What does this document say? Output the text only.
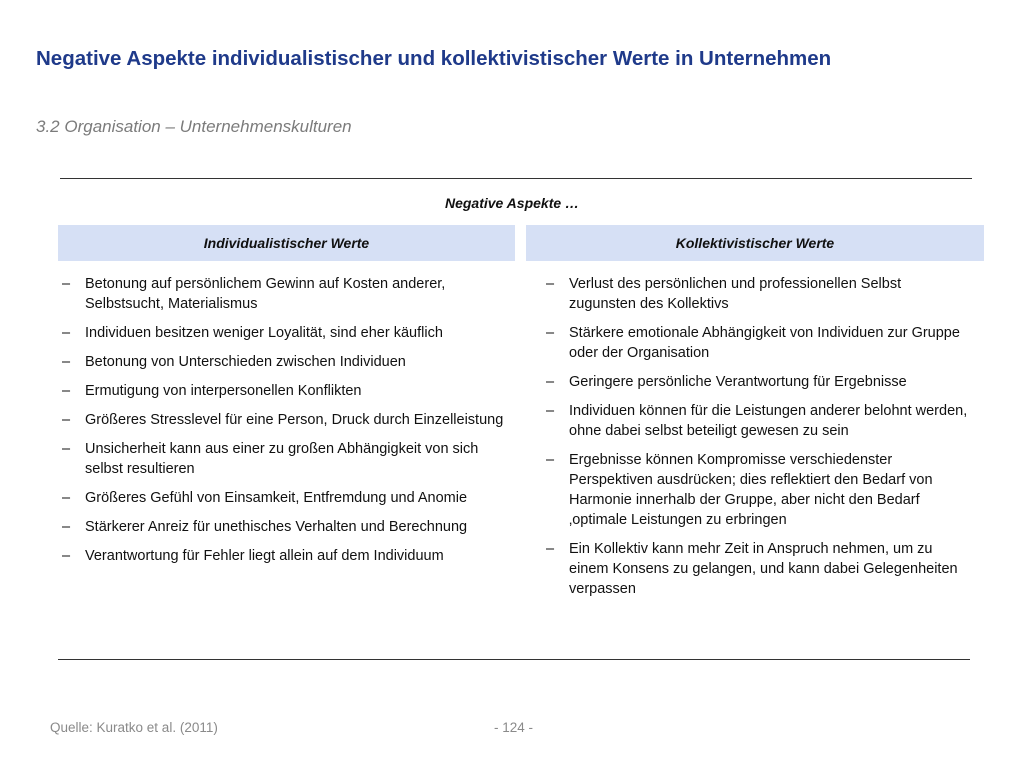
Negative Aspekte individualistischer und kollektivistischer Werte in Unternehmen
3.2 Organisation – Unternehmenskulturen
Negative Aspekte …
Individualistischer Werte	Kollektivistischer Werte
– Betonung auf persönlichem Gewinn auf Kosten anderer, Selbstsucht, Materialismus
– Individuen besitzen weniger Loyalität, sind eher käuflich
– Betonung von Unterschieden zwischen Individuen
– Ermutigung von interpersonellen Konflikten
– Größeres Stresslevel für eine Person, Druck durch Einzelleistung
– Unsicherheit kann aus einer zu großen Abhängigkeit von sich selbst resultieren
– Größeres Gefühl von Einsamkeit, Entfremdung und Anomie
– Stärkerer Anreiz für unethisches Verhalten und Berechnung
– Verantwortung für Fehler liegt allein auf dem Individuum
– Verlust des persönlichen und professionellen Selbst zugunsten des Kollektivs
– Stärkere emotionale Abhängigkeit von Individuen zur Gruppe oder der Organisation
– Geringere persönliche Verantwortung für Ergebnisse
– Individuen können für die Leistungen anderer belohnt werden, ohne dabei selbst beteiligt gewesen zu sein
– Ergebnisse können Kompromisse verschiedenster Perspektiven ausdrücken; dies reflektiert den Bedarf von Harmonie innerhalb der Gruppe, aber nicht den Bedarf ‚optimale Leistungen zu erbringen
– Ein Kollektiv kann mehr Zeit in Anspruch nehmen, um zu einem Konsens zu gelangen, und kann dabei Gelegenheiten verpassen
Quelle: Kuratko et al. (2011)	- 124 -
